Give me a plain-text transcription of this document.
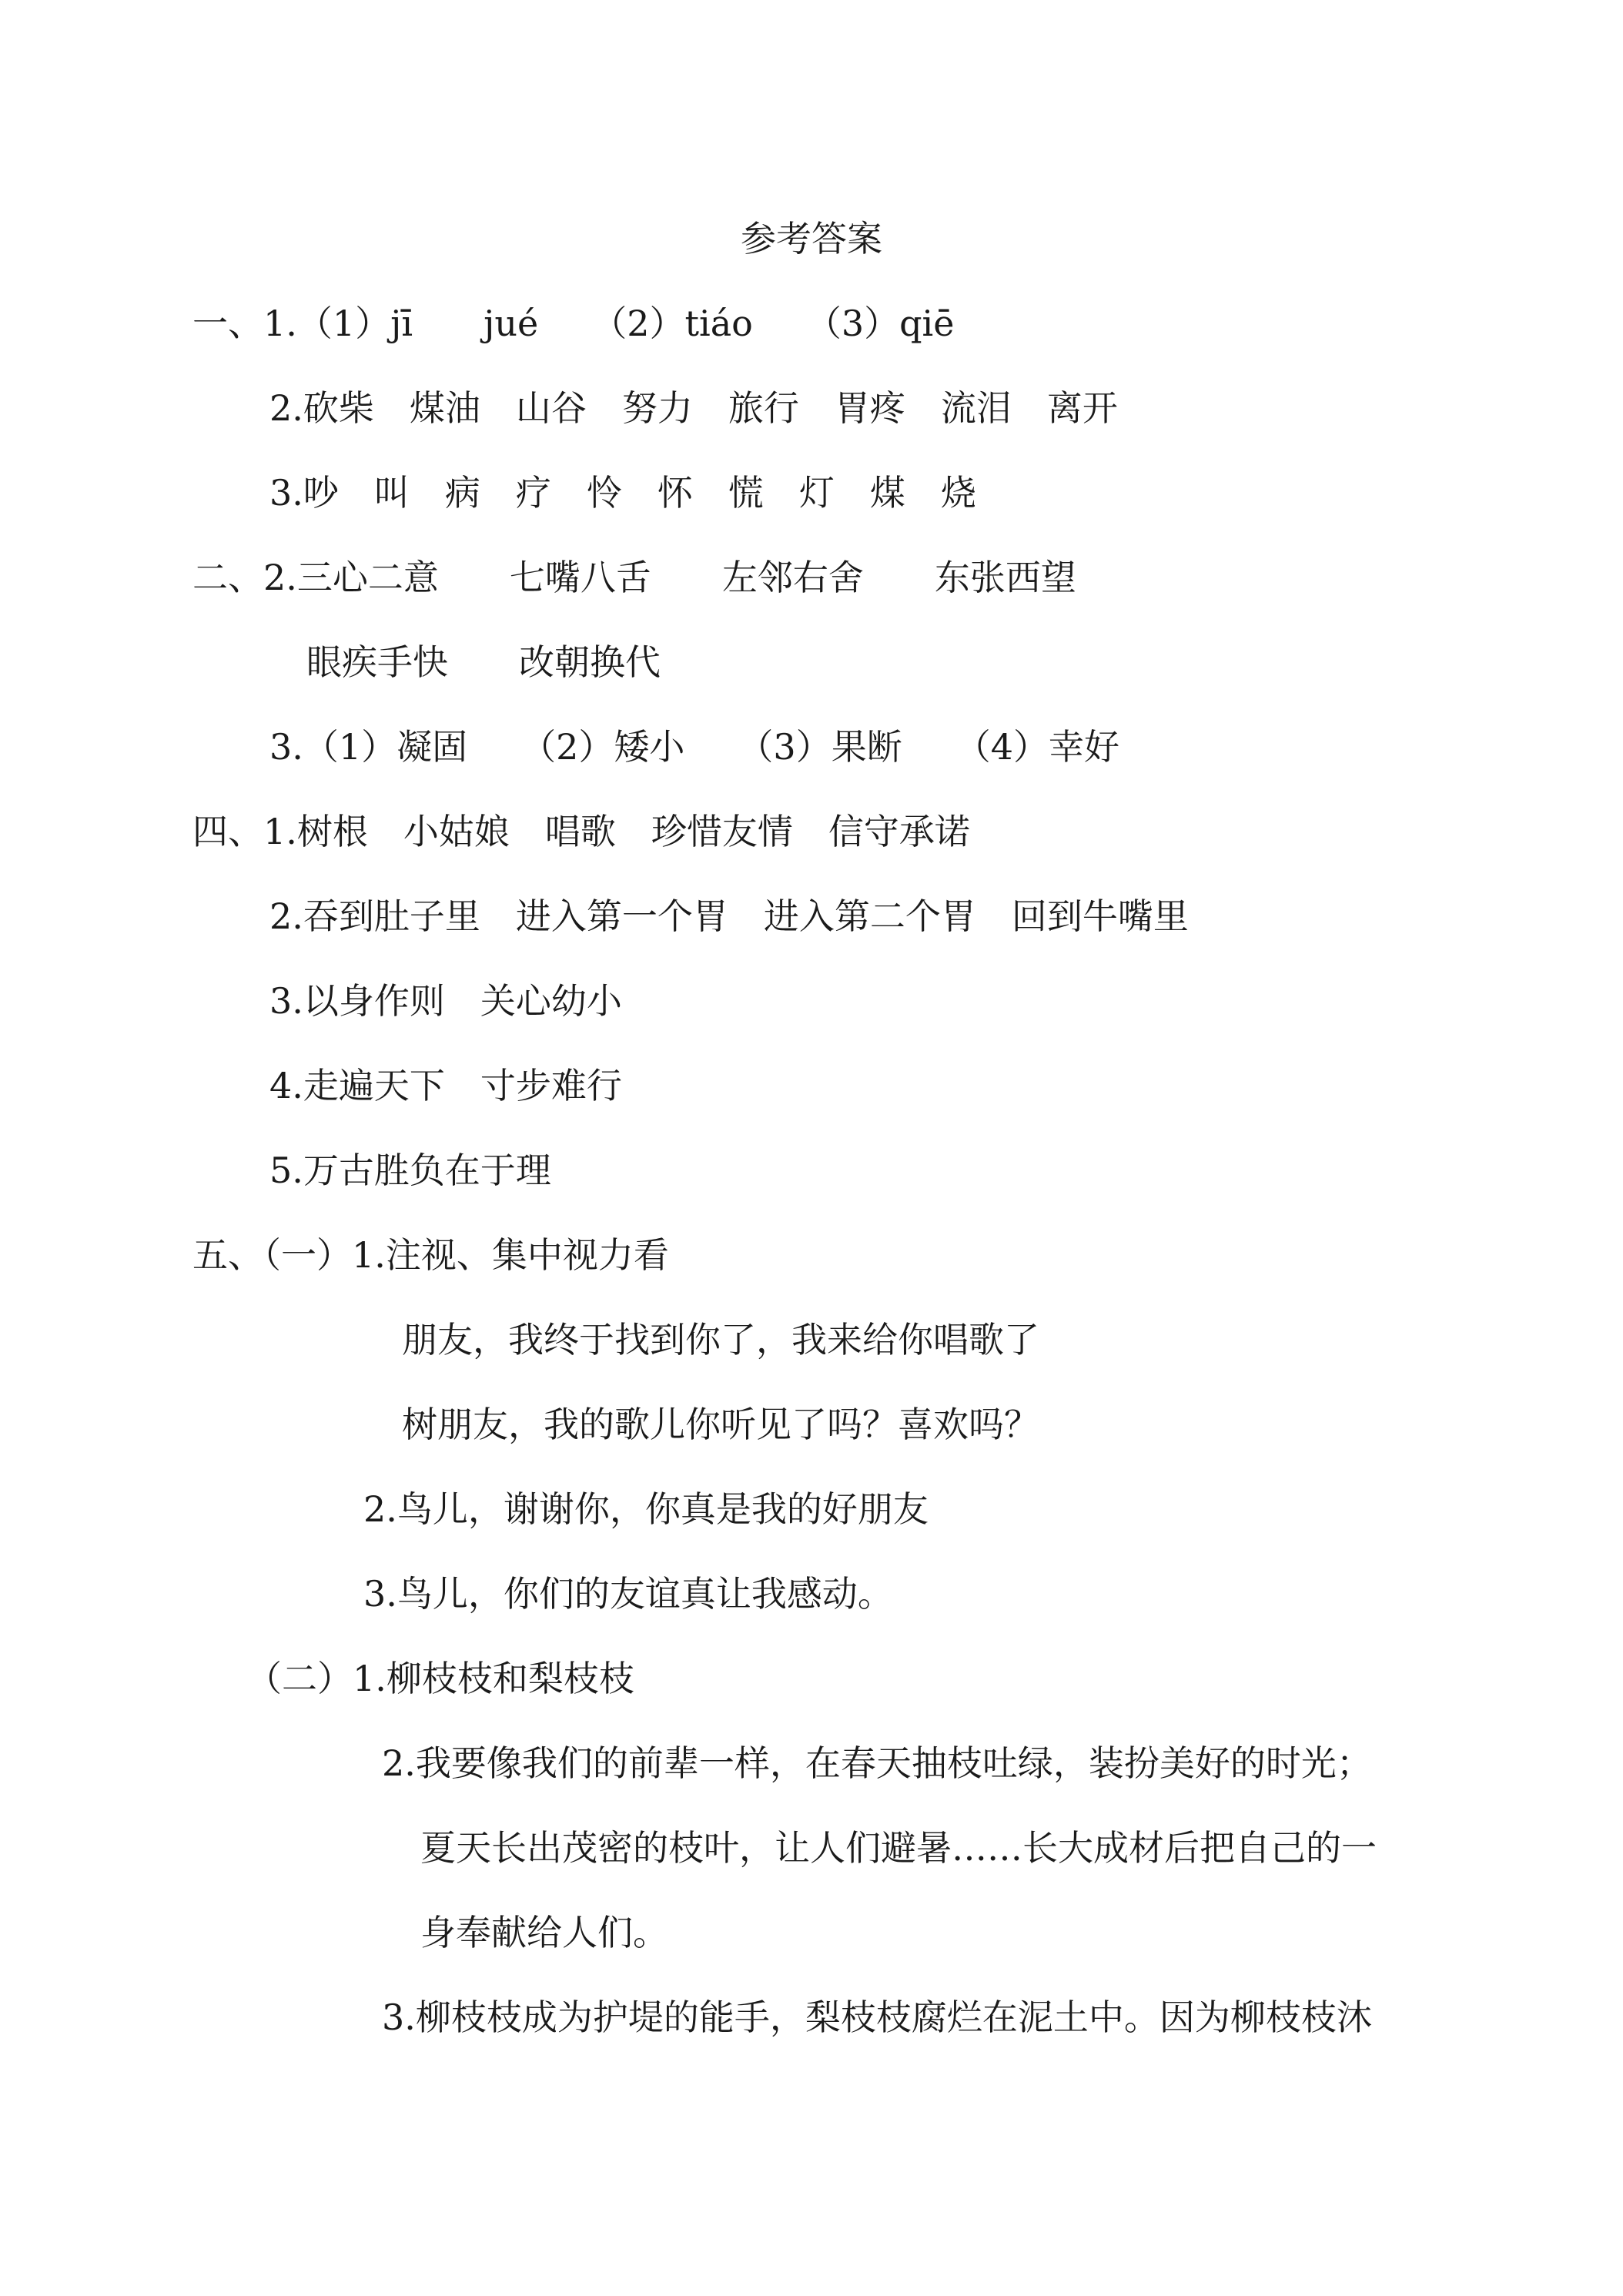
参考答案
一、1.（1）jī　　jué　　（2）tiáo　　（3）qiē
2.砍柴　煤油　山谷　努力　旅行　胃疼　流泪　离开
3.吵　叫　病　疗　怜　怀　慌　灯　煤　烧
二、2.三心二意　　七嘴八舌　　左邻右舍　　东张西望
眼疾手快　　改朝换代
3.（1）凝固　　（2）矮小　　（3）果断　　（4）幸好
四、1.树根　小姑娘　唱歌　珍惜友情　信守承诺
2.吞到肚子里　进入第一个胃　进入第二个胃　回到牛嘴里
3.以身作则　关心幼小
4.走遍天下　寸步难行
5.万古胜负在于理
五、（一）1.注视、集中视力看
朋友，我终于找到你了，我来给你唱歌了
树朋友，我的歌儿你听见了吗？喜欢吗？
2.鸟儿，谢谢你，你真是我的好朋友
3.鸟儿，你们的友谊真让我感动。
（二）1.柳枝枝和梨枝枝
2.我要像我们的前辈一样，在春天抽枝吐绿，装扮美好的时光；
夏天长出茂密的枝叶，让人们避暑……长大成材后把自己的一
身奉献给人们。
3.柳枝枝成为护堤的能手，梨枝枝腐烂在泥土中。因为柳枝枝沐
